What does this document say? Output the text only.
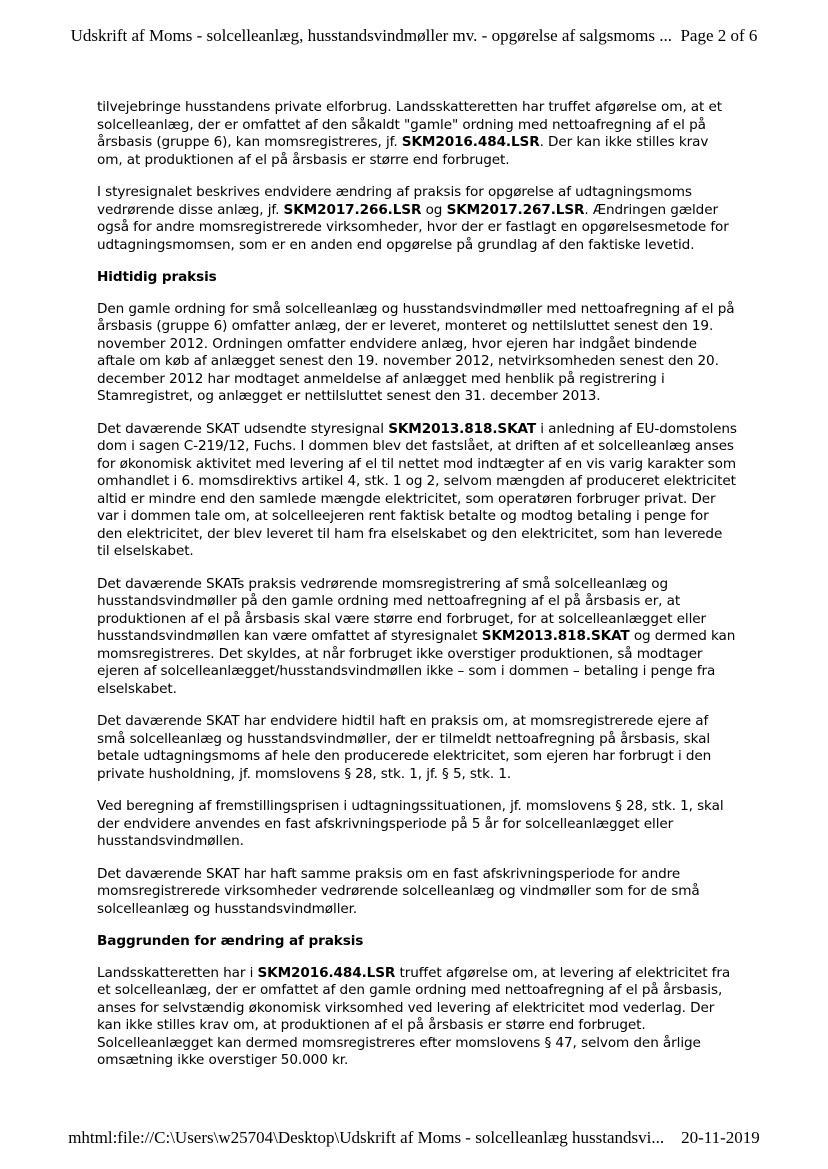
Udskrift af Moms - solcelleanlæg, husstandsvindmøller mv. - opgørelse af salgsmoms ... Page 2 of 6

tilvejebringe husstandens private elforbrug. Landsskatteretten har truffet afgørelse om, at et solcelleanlæg, der er omfattet af den såkaldt "gamle" ordning med nettoafregning af el på årsbasis (gruppe 6), kan momsregistreres, jf. SKM2016.484.LSR. Der kan ikke stilles krav om, at produktionen af el på årsbasis er større end forbruget.

I styresignalet beskrives endvidere ændring af praksis for opgørelse af udtagningsmoms vedrørende disse anlæg, jf. SKM2017.266.LSR og SKM2017.267.LSR. Ændringen gælder også for andre momsregistrerede virksomheder, hvor der er fastlagt en opgørelsesmetode for udtagningsmomsen, som er en anden end opgørelse på grundlag af den faktiske levetid.

Hidtidig praksis

Den gamle ordning for små solcelleanlæg og husstandsvindmøller med nettoafregning af el på årsbasis (gruppe 6) omfatter anlæg, der er leveret, monteret og nettilsluttet senest den 19. november 2012. Ordningen omfatter endvidere anlæg, hvor ejeren har indgået bindende aftale om køb af anlægget senest den 19. november 2012, netvirksomheden senest den 20. december 2012 har modtaget anmeldelse af anlægget med henblik på registrering i Stamregistret, og anlægget er nettilsluttet senest den 31. december 2013.

Det daværende SKAT udsendte styresignal SKM2013.818.SKAT i anledning af EU-domstolens dom i sagen C-219/12, Fuchs. I dommen blev det fastslået, at driften af et solcelleanlæg anses for økonomisk aktivitet med levering af el til nettet mod indtægter af en vis varig karakter som omhandlet i 6. momsdirektivs artikel 4, stk. 1 og 2, selvom mængden af produceret elektricitet altid er mindre end den samlede mængde elektricitet, som operatøren forbruger privat. Der var i dommen tale om, at solcelleejeren rent faktisk betalte og modtog betaling i penge for den elektricitet, der blev leveret til ham fra elselskabet og den elektricitet, som han leverede til elselskabet.

Det daværende SKATs praksis vedrørende momsregistrering af små solcelleanlæg og husstandsvindmøller på den gamle ordning med nettoafregning af el på årsbasis er, at produktionen af el på årsbasis skal være større end forbruget, for at solcelleanlægget eller husstandsvindmøllen kan være omfattet af styresignalet SKM2013.818.SKAT og dermed kan momsregistreres. Det skyldes, at når forbruget ikke overstiger produktionen, så modtager ejeren af solcelleanlægget/husstandsvindmøllen ikke – som i dommen – betaling i penge fra elselskabet.

Det daværende SKAT har endvidere hidtil haft en praksis om, at momsregistrerede ejere af små solcelleanlæg og husstandsvindmøller, der er tilmeldt nettoafregning på årsbasis, skal betale udtagningsmoms af hele den producerede elektricitet, som ejeren har forbrugt i den private husholdning, jf. momslovens § 28, stk. 1, jf. § 5, stk. 1.

Ved beregning af fremstillingsprisen i udtagningssituationen, jf. momslovens § 28, stk. 1, skal der endvidere anvendes en fast afskrivningsperiode på 5 år for solcelleanlægget eller husstandsvindmøllen.

Det daværende SKAT har haft samme praksis om en fast afskrivningsperiode for andre momsregistrerede virksomheder vedrørende solcelleanlæg og vindmøller som for de små solcelleanlæg og husstandsvindmøller.

Baggrunden for ændring af praksis

Landsskatteretten har i SKM2016.484.LSR truffet afgørelse om, at levering af elektricitet fra et solcelleanlæg, der er omfattet af den gamle ordning med nettoafregning af el på årsbasis, anses for selvstændig økonomisk virksomhed ved levering af elektricitet mod vederlag. Der kan ikke stilles krav om, at produktionen af el på årsbasis er større end forbruget. Solcelleanlægget kan dermed momsregistreres efter momslovens § 47, selvom den årlige omsætning ikke overstiger 50.000 kr.

mhtml:file://C:\Users\w25704\Desktop\Udskrift af Moms - solcelleanlæg husstandsvi... 20-11-2019
